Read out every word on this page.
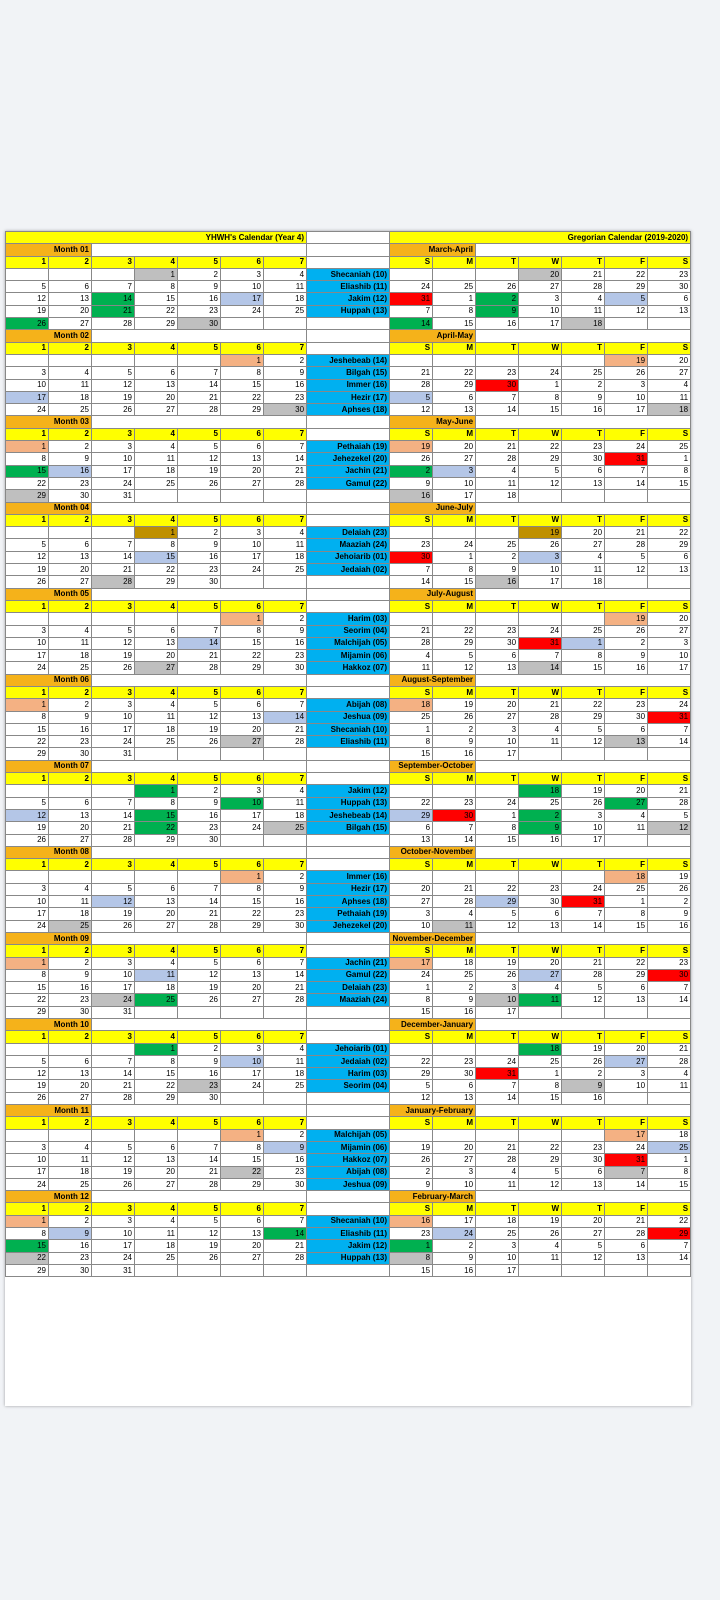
YHWH's Calendar (Year 4)								Gregorian Calendar (2019-2020)						
Month 01								March-April						
1	2	3	4	5	6	7		S	M	T	W	T	F	S
			1	2	3	4	Shecaniah (10)				20	21	22	23
5	6	7	8	9	10	11	Eliashib (11)	24	25	26	27	28	29	30
12	13	14	15	16	17	18	Jakim (12)	31	1	2	3	4	5	6
19	20	21	22	23	24	25	Huppah (13)	7	8	9	10	11	12	13
26	27	28	29	30				14	15	16	17	18		
Month 02								April-May						
1	2	3	4	5	6	7		S	M	T	W	T	F	S
					1	2	Jeshebeab (14)						19	20
3	4	5	6	7	8	9	Bilgah (15)	21	22	23	24	25	26	27
10	11	12	13	14	15	16	Immer (16)	28	29	30	1	2	3	4
17	18	19	20	21	22	23	Hezir (17)	5	6	7	8	9	10	11
24	25	26	27	28	29	30	Aphses (18)	12	13	14	15	16	17	18
Month 03								May-June						
1	2	3	4	5	6	7		S	M	T	W	T	F	S
1	2	3	4	5	6	7	Pethaiah (19)	19	20	21	22	23	24	25
8	9	10	11	12	13	14	Jehezekel (20)	26	27	28	29	30	31	1
15	16	17	18	19	20	21	Jachin (21)	2	3	4	5	6	7	8
22	23	24	25	26	27	28	Gamul (22)	9	10	11	12	13	14	15
29	30	31						16	17	18				
Month 04								June-July						
1	2	3	4	5	6	7		S	M	T	W	T	F	S
			1	2	3	4	Delaiah (23)				19	20	21	22
5	6	7	8	9	10	11	Maaziah (24)	23	24	25	26	27	28	29
12	13	14	15	16	17	18	Jehoiarib (01)	30	1	2	3	4	5	6
19	20	21	22	23	24	25	Jedaiah (02)	7	8	9	10	11	12	13
26	27	28	29	30				14	15	16	17	18		
Month 05								July-August						
1	2	3	4	5	6	7		S	M	T	W	T	F	S
					1	2	Harim (03)						19	20
3	4	5	6	7	8	9	Seorim (04)	21	22	23	24	25	26	27
10	11	12	13	14	15	16	Malchijah (05)	28	29	30	31	1	2	3
17	18	19	20	21	22	23	Mijamin (06)	4	5	6	7	8	9	10
24	25	26	27	28	29	30	Hakkoz (07)	11	12	13	14	15	16	17
Month 06								August-September						
1	2	3	4	5	6	7		S	M	T	W	T	F	S
1	2	3	4	5	6	7	Abijah (08)	18	19	20	21	22	23	24
8	9	10	11	12	13	14	Jeshua (09)	25	26	27	28	29	30	31
15	16	17	18	19	20	21	Shecaniah (10)	1	2	3	4	5	6	7
22	23	24	25	26	27	28	Eliashib (11)	8	9	10	11	12	13	14
29	30	31						15	16	17				
Month 07								September-October						
1	2	3	4	5	6	7		S	M	T	W	T	F	S
			1	2	3	4	Jakim (12)				18	19	20	21
5	6	7	8	9	10	11	Huppah (13)	22	23	24	25	26	27	28
12	13	14	15	16	17	18	Jeshebeab (14)	29	30	1	2	3	4	5
19	20	21	22	23	24	25	Bilgah (15)	6	7	8	9	10	11	12
26	27	28	29	30				13	14	15	16	17		
Month 08								October-November						
1	2	3	4	5	6	7		S	M	T	W	T	F	S
					1	2	Immer (16)						18	19
3	4	5	6	7	8	9	Hezir (17)	20	21	22	23	24	25	26
10	11	12	13	14	15	16	Aphses (18)	27	28	29	30	31	1	2
17	18	19	20	21	22	23	Pethaiah (19)	3	4	5	6	7	8	9
24	25	26	27	28	29	30	Jehezekel (20)	10	11	12	13	14	15	16
Month 09								November-December						
1	2	3	4	5	6	7		S	M	T	W	T	F	S
1	2	3	4	5	6	7	Jachin (21)	17	18	19	20	21	22	23
8	9	10	11	12	13	14	Gamul (22)	24	25	26	27	28	29	30
15	16	17	18	19	20	21	Delaiah (23)	1	2	3	4	5	6	7
22	23	24	25	26	27	28	Maaziah (24)	8	9	10	11	12	13	14
29	30	31						15	16	17				
Month 10								December-January						
1	2	3	4	5	6	7		S	M	T	W	T	F	S
			1	2	3	4	Jehoiarib (01)				18	19	20	21
5	6	7	8	9	10	11	Jedaiah (02)	22	23	24	25	26	27	28
12	13	14	15	16	17	18	Harim (03)	29	30	31	1	2	3	4
19	20	21	22	23	24	25	Seorim (04)	5	6	7	8	9	10	11
26	27	28	29	30				12	13	14	15	16		
Month 11								January-February						
1	2	3	4	5	6	7		S	M	T	W	T	F	S
					1	2	Malchijah (05)						17	18
3	4	5	6	7	8	9	Mijamin (06)	19	20	21	22	23	24	25
10	11	12	13	14	15	16	Hakkoz (07)	26	27	28	29	30	31	1
17	18	19	20	21	22	23	Abijah (08)	2	3	4	5	6	7	8
24	25	26	27	28	29	30	Jeshua (09)	9	10	11	12	13	14	15
Month 12								February-March						
1	2	3	4	5	6	7		S	M	T	W	T	F	S
1	2	3	4	5	6	7	Shecaniah (10)	16	17	18	19	20	21	22
8	9	10	11	12	13	14	Eliashib (11)	23	24	25	26	27	28	29
15	16	17	18	19	20	21	Jakim (12)	1	2	3	4	5	6	7
22	23	24	25	26	27	28	Huppah (13)	8	9	10	11	12	13	14
29	30	31						15	16	17				
